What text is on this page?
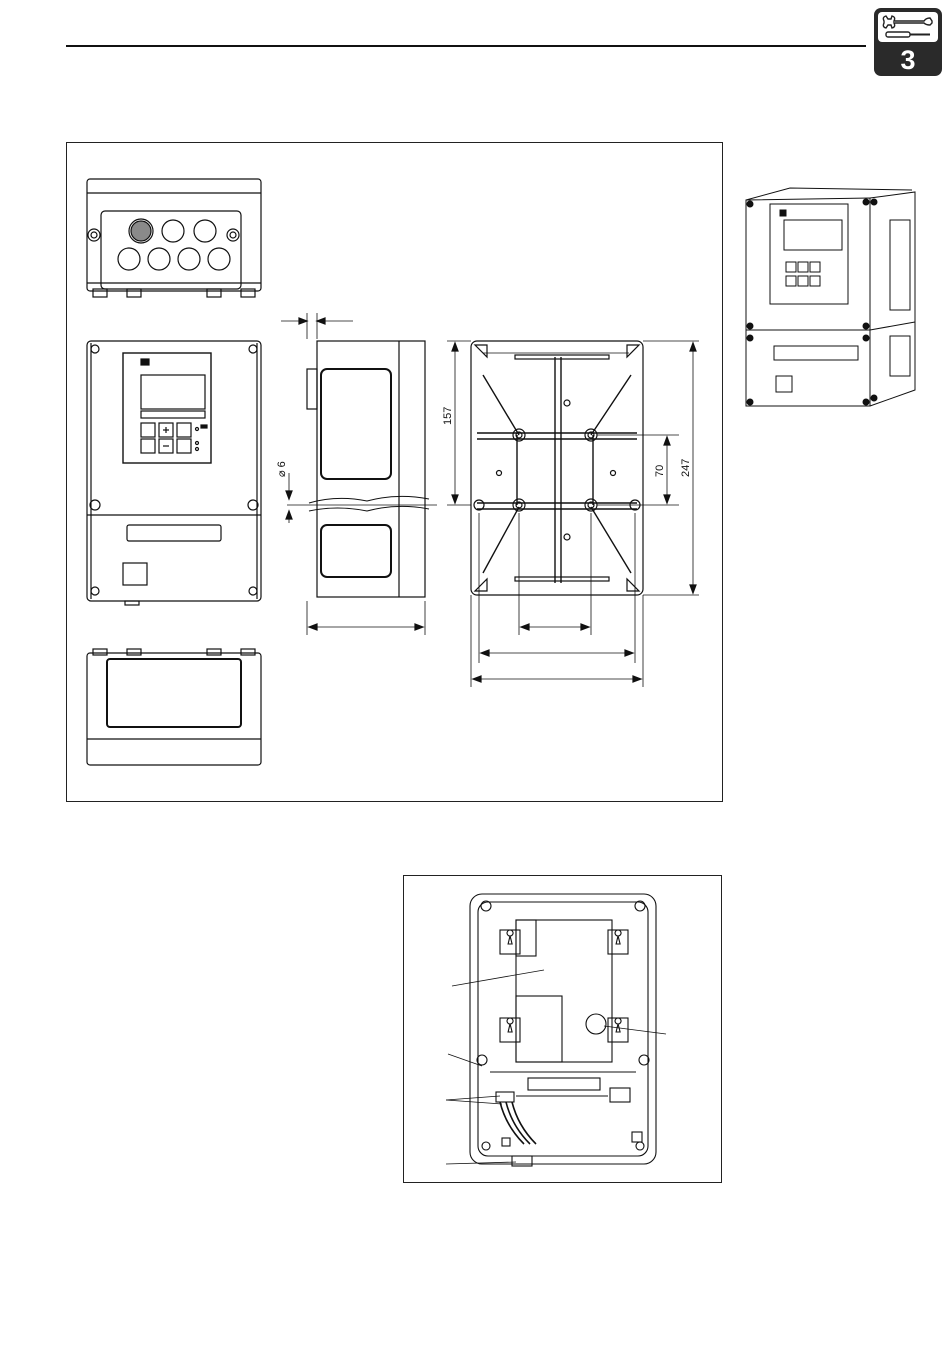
3
157
70 247
⌀ 6
